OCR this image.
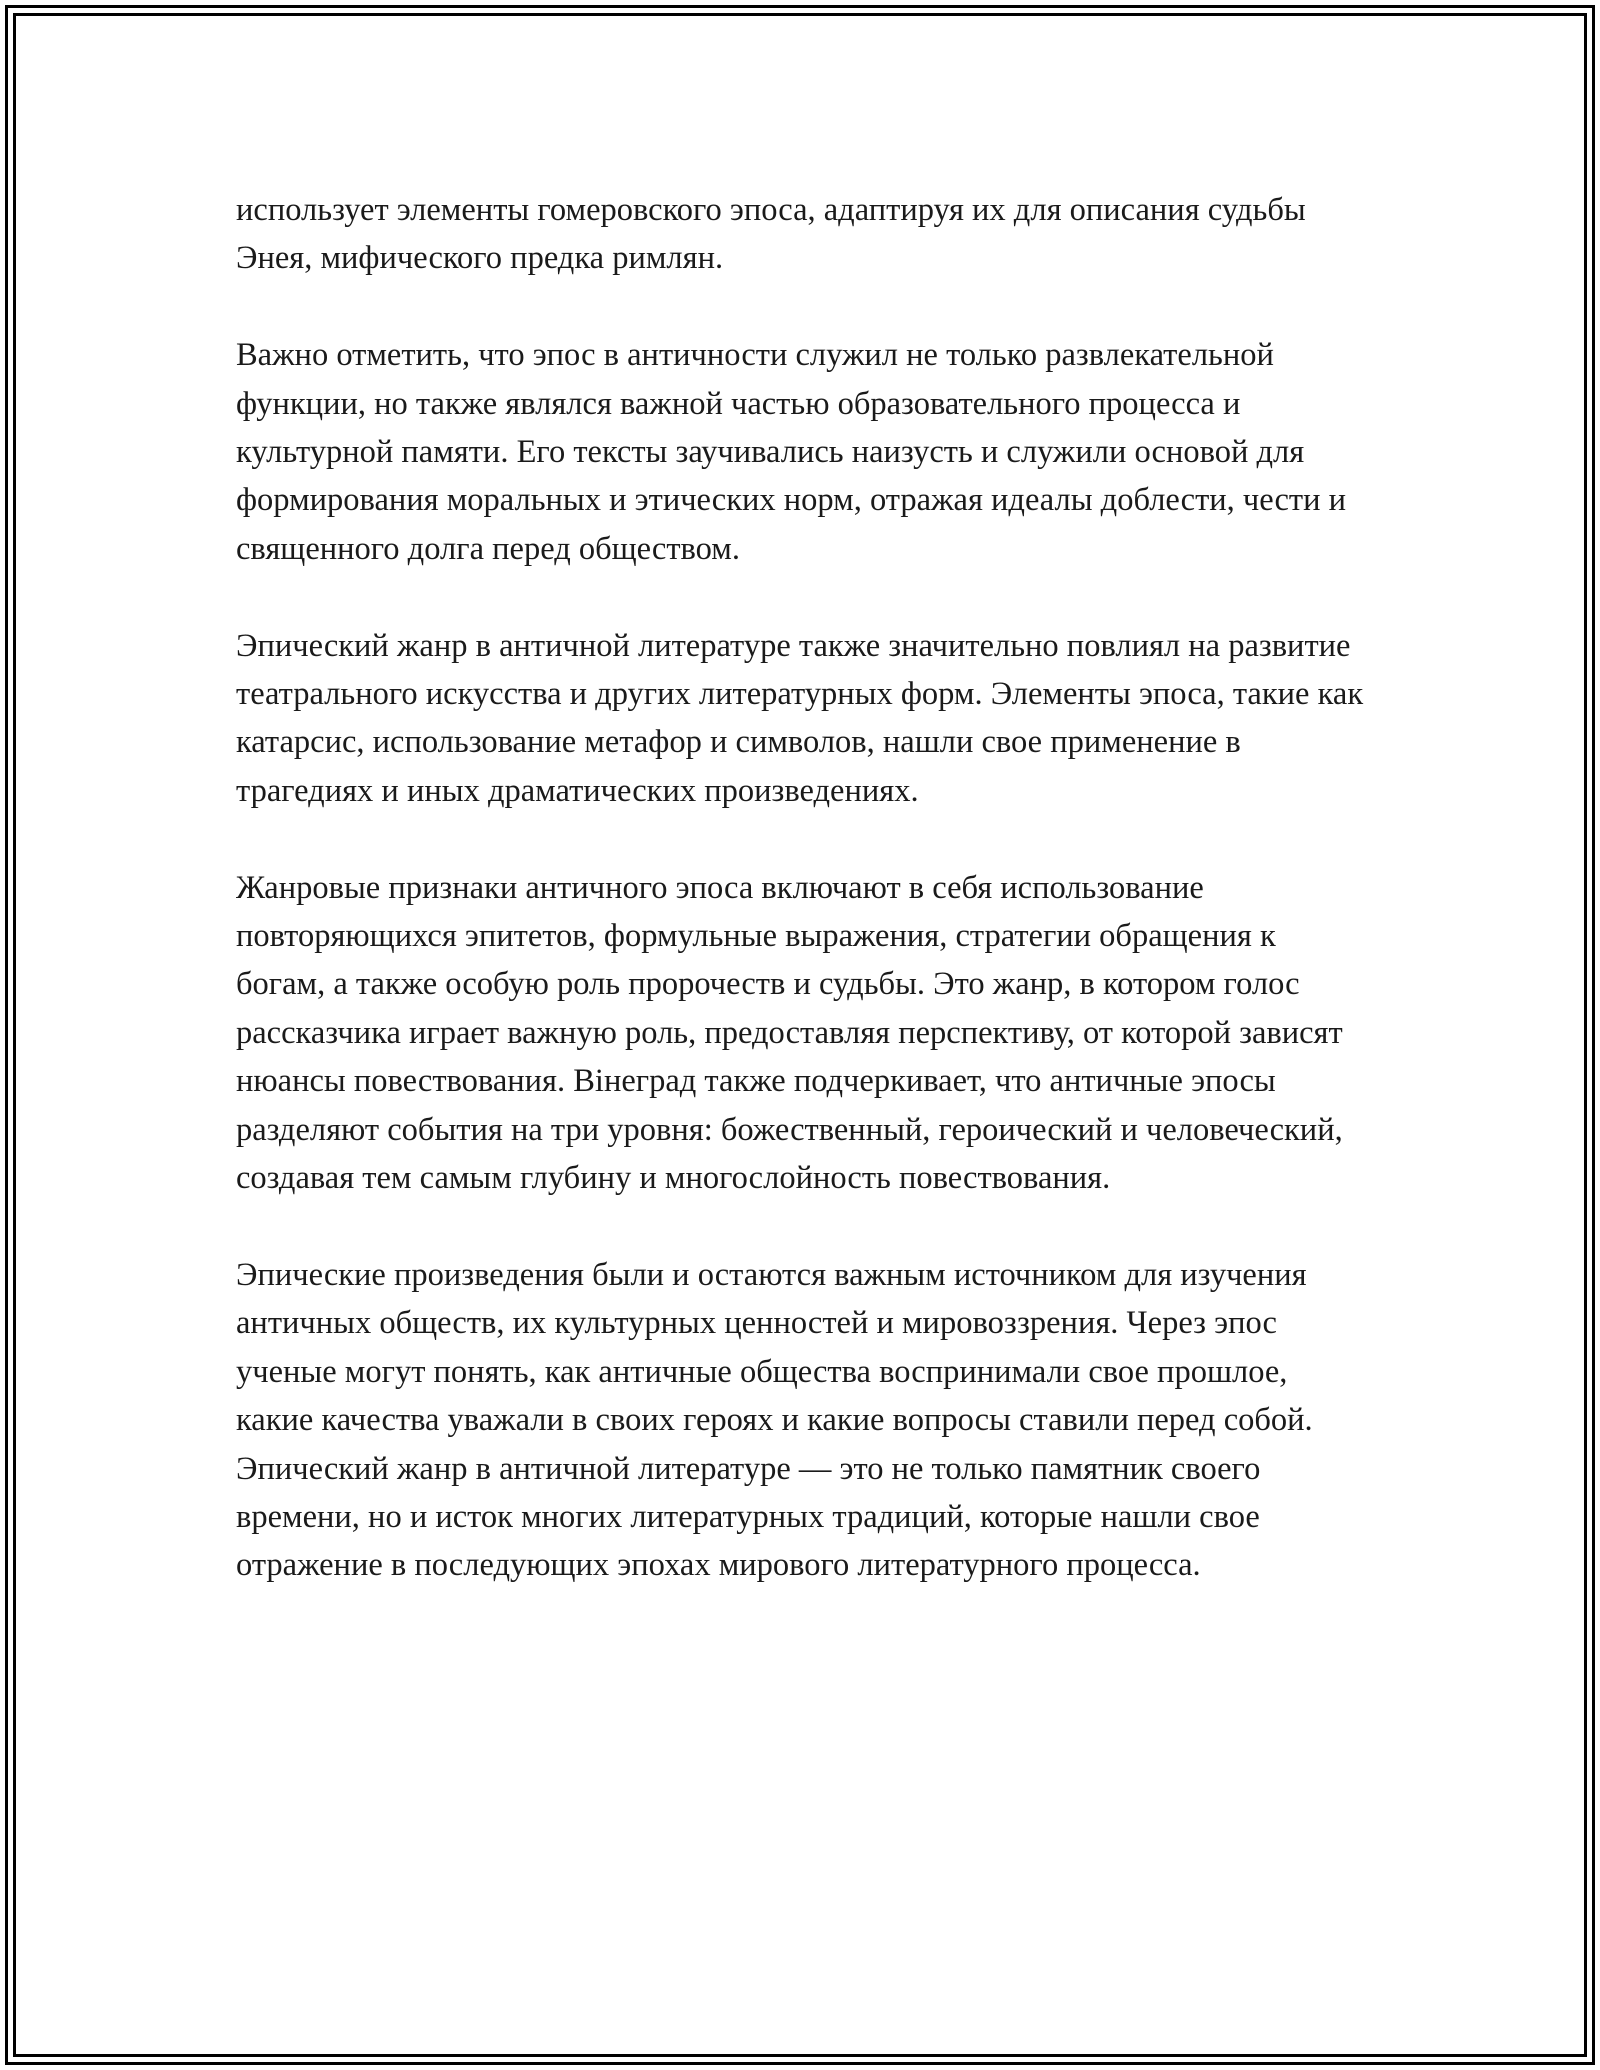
использует элементы гомеровского эпоса, адаптируя их для описания судьбы Энея, мифического предка римлян.

Важно отметить, что эпос в античности служил не только развлекательной функции, но также являлся важной частью образовательного процесса и культурной памяти. Его тексты заучивались наизусть и служили основой для формирования моральных и этических норм, отражая идеалы доблести, чести и священного долга перед обществом.

Эпический жанр в античной литературе также значительно повлиял на развитие театрального искусства и других литературных форм. Элементы эпоса, такие как катарсис, использование метафор и символов, нашли свое применение в трагедиях и иных драматических произведениях.

Жанровые признаки античного эпоса включают в себя использование повторяющихся эпитетов, формульные выражения, стратегии обращения к богам, а также особую роль пророчеств и судьбы. Это жанр, в котором голос рассказчика играет важную роль, предоставляя перспективу, от которой зависят нюансы повествования. Вінеград также подчеркивает, что античные эпосы разделяют события на три уровня: божественный, героический и человеческий, создавая тем самым глубину и многослойность повествования.

Эпические произведения были и остаются важным источником для изучения античных обществ, их культурных ценностей и мировоззрения. Через эпос ученые могут понять, как античные общества воспринимали свое прошлое, какие качества уважали в своих героях и какие вопросы ставили перед собой. Эпический жанр в античной литературе — это не только памятник своего времени, но и исток многих литературных традиций, которые нашли свое отражение в последующих эпохах мирового литературного процесса.
